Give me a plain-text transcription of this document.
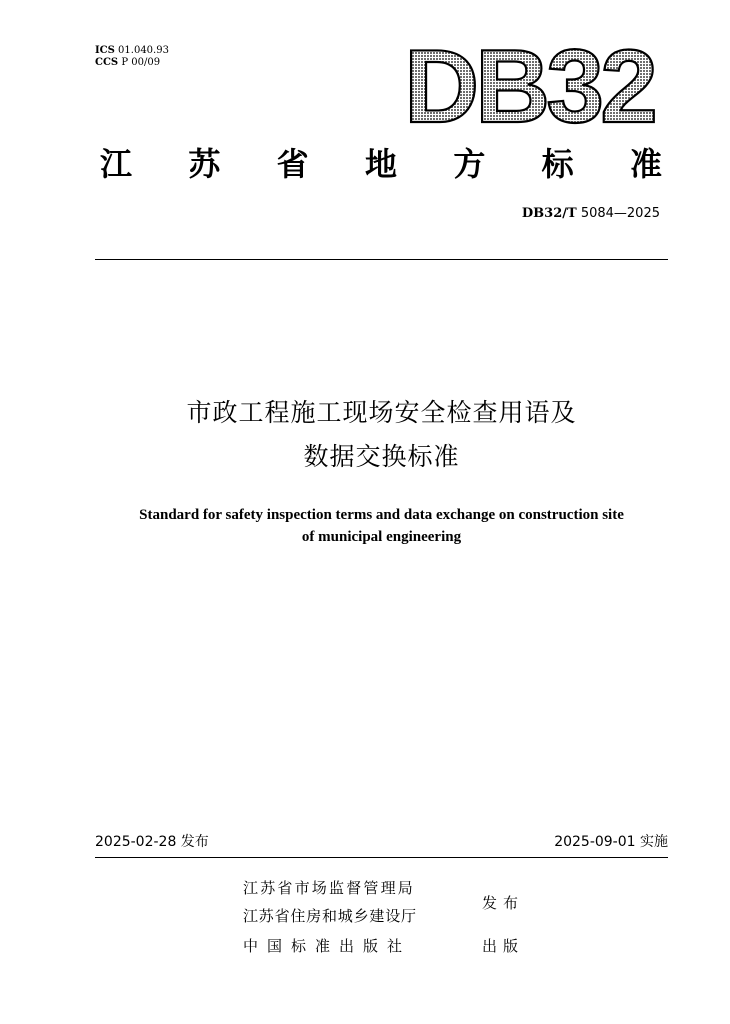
ICS 01.040.93
CCS P 00/09 DB32
江 苏 省 地 方 标 准
DB32/T 5084—2025
市政工程施工现场安全检查用语及
数据交换标准
Standard for safety inspection terms and data exchange on construction site
of municipal engineering
2025-02-28 发布	2025-09-01 实施
江苏省市场监督管理局
江苏省住房和城乡建设厅
中国标准出版社
发布
出版
